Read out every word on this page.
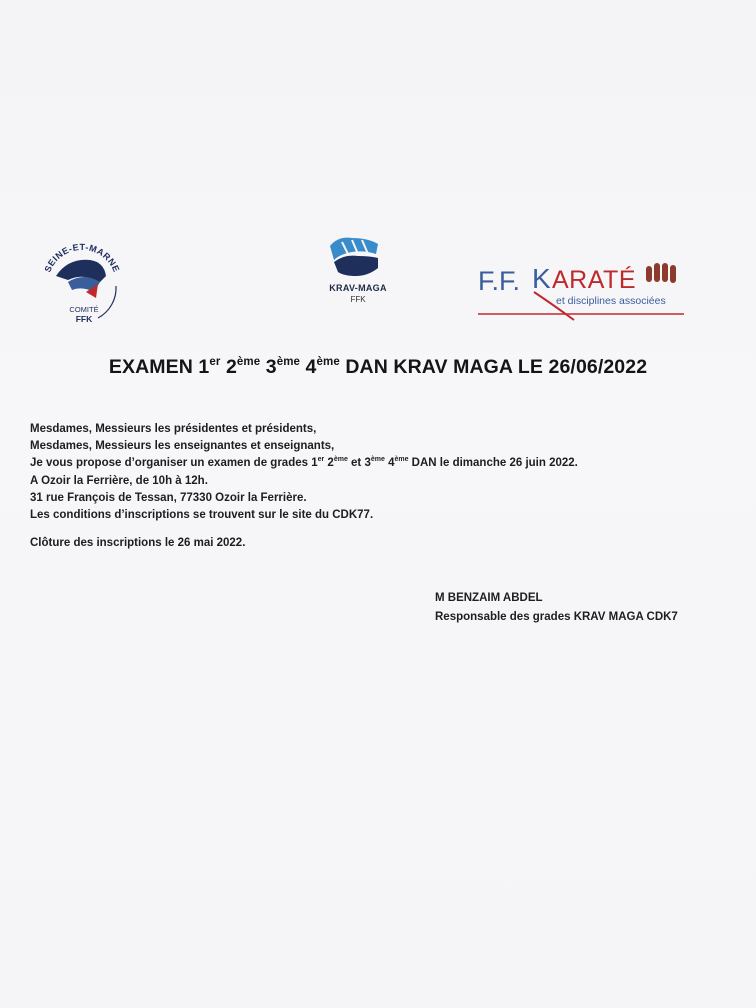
SEINE-ET-MARNE
COMITÉ
FFK
KRAV-MAGA
FFK
F.F. K ARATÉ
et disciplines associées
EXAMEN 1er 2ème 3ème 4ème DAN KRAV MAGA LE 26/06/2022

Mesdames, Messieurs les présidentes et présidents,

Mesdames, Messieurs les enseignantes et enseignants,

Je vous propose d’organiser un examen de grades 1er 2ème et 3ème 4ème DAN le dimanche 26 juin 2022.

A Ozoir la Ferrière, de 10h à 12h.

31 rue François de Tessan, 77330 Ozoir la Ferrière.

Les conditions d’inscriptions se trouvent sur le site du CDK77.

Clôture des inscriptions le 26 mai 2022.
M BENZAIM ABDEL
Responsable des grades KRAV MAGA CDK7
